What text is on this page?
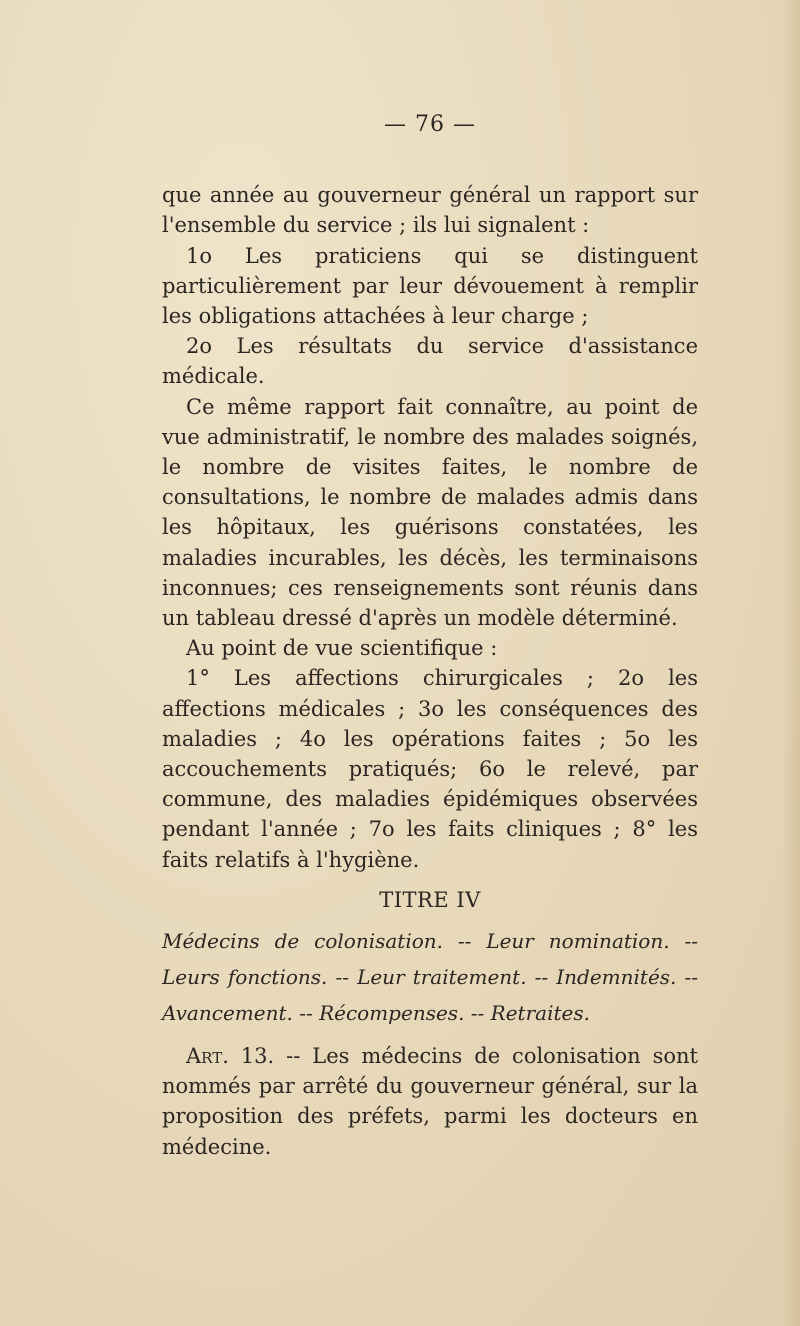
— 76 —

que année au gouverneur général un rapport sur l'ensemble du service ; ils lui signalent :

1o Les praticiens qui se distinguent particulièrement par leur dévouement à remplir les obligations attachées à leur charge ;

2o Les résultats du service d'assistance médicale.

Ce même rapport fait connaître, au point de vue administratif, le nombre des malades soignés, le nombre de visites faites, le nombre de consultations, le nombre de malades admis dans les hôpitaux, les guérisons constatées, les maladies incurables, les décès, les terminaisons inconnues; ces renseignements sont réunis dans un tableau dressé d'après un modèle déterminé.

Au point de vue scientifique :

1° Les affections chirurgicales ; 2o les affections médicales ; 3o les conséquences des maladies ; 4o les opérations faites ; 5o les accouchements pratiqués; 6o le relevé, par commune, des maladies épidémiques observées pendant l'année ; 7o les faits cliniques ; 8° les faits relatifs à l'hygiène.

TITRE IV

Médecins de colonisation. -- Leur nomination. -- Leurs fonctions. -- Leur traitement. -- Indemnités. -- Avancement. -- Récompenses. -- Retraites.

Art. 13. -- Les médecins de colonisation sont nommés par arrêté du gouverneur général, sur la proposition des préfets, parmi les docteurs en médecine.
